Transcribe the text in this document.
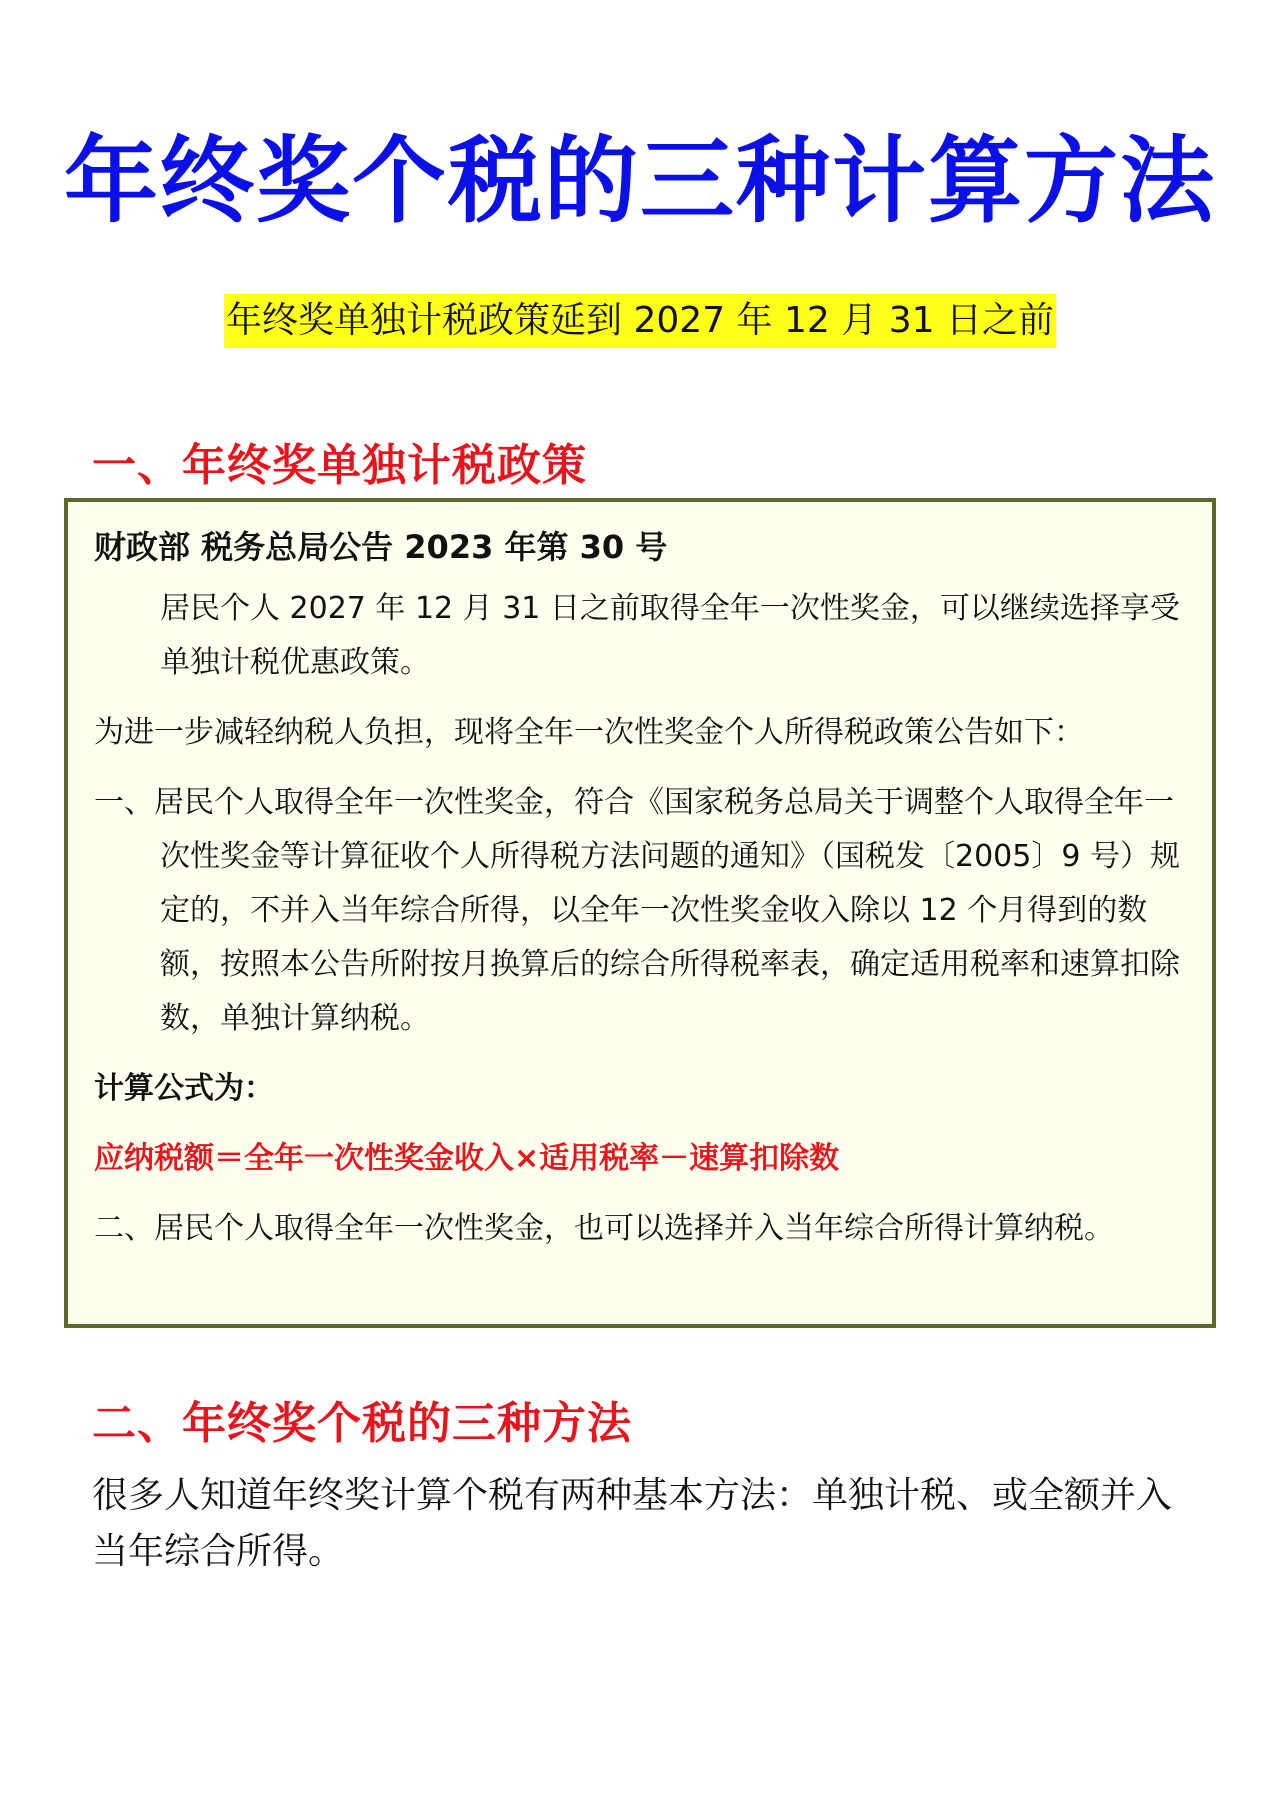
年终奖个税的三种计算方法
年终奖单独计税政策延到 2027 年 12 月 31 日之前
一、年终奖单独计税政策

财政部 税务总局公告 2023 年第 30 号

居民个人 2027 年 12 月 31 日之前取得全年一次性奖金，可以继续选择享受单独计税优惠政策。

为进一步减轻纳税人负担，现将全年一次性奖金个人所得税政策公告如下：

一、居民个人取得全年一次性奖金，符合《国家税务总局关于调整个人取得全年一次性奖金等计算征收个人所得税方法问题的通知》（国税发〔2005〕9 号）规定的，不并入当年综合所得，以全年一次性奖金收入除以 12 个月得到的数额，按照本公告所附按月换算后的综合所得税率表，确定适用税率和速算扣除数，单独计算纳税。

计算公式为：

应纳税额＝全年一次性奖金收入×适用税率－速算扣除数

二、居民个人取得全年一次性奖金，也可以选择并入当年综合所得计算纳税。

二、年终奖个税的三种方法

很多人知道年终奖计算个税有两种基本方法：单独计税、或全额并入当年综合所得。
